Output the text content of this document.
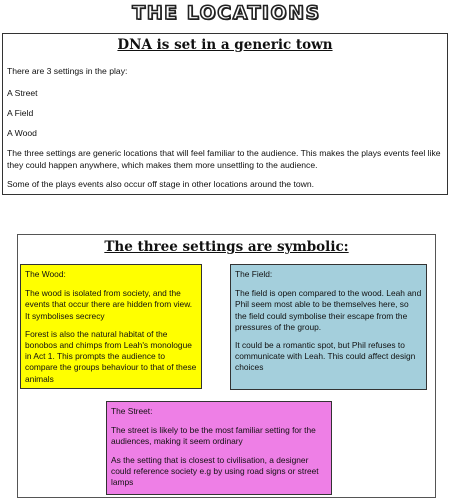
THE LOCATIONS
DNA is set in a generic town

There are 3 settings in the play:

A Street

A Field

A Wood

The three settings are generic locations that will feel familiar to the audience. This makes the plays events feel like they could happen anywhere, which makes them more unsettling to the audience.

Some of the plays events also occur off stage in other locations around the town.

The three settings are symbolic:

The Wood:

The wood is isolated from society, and the events that occur there are hidden from view. It symbolises secrecy

Forest is also the natural habitat of the bonobos and chimps from Leah's monologue in Act 1. This prompts the audience to compare the groups behaviour to that of these animals

The Field:

The field is open compared to the wood. Leah and Phil seem most able to be themselves here, so the field could symbolise their escape from the pressures of the group.

It could be a romantic spot, but Phil refuses to communicate with Leah. This could affect design choices

The Street:

The street is likely to be the most familiar setting for the audiences, making it seem ordinary

As the setting that is closest to civilisation, a designer could reference society e.g by using road signs or street lamps
